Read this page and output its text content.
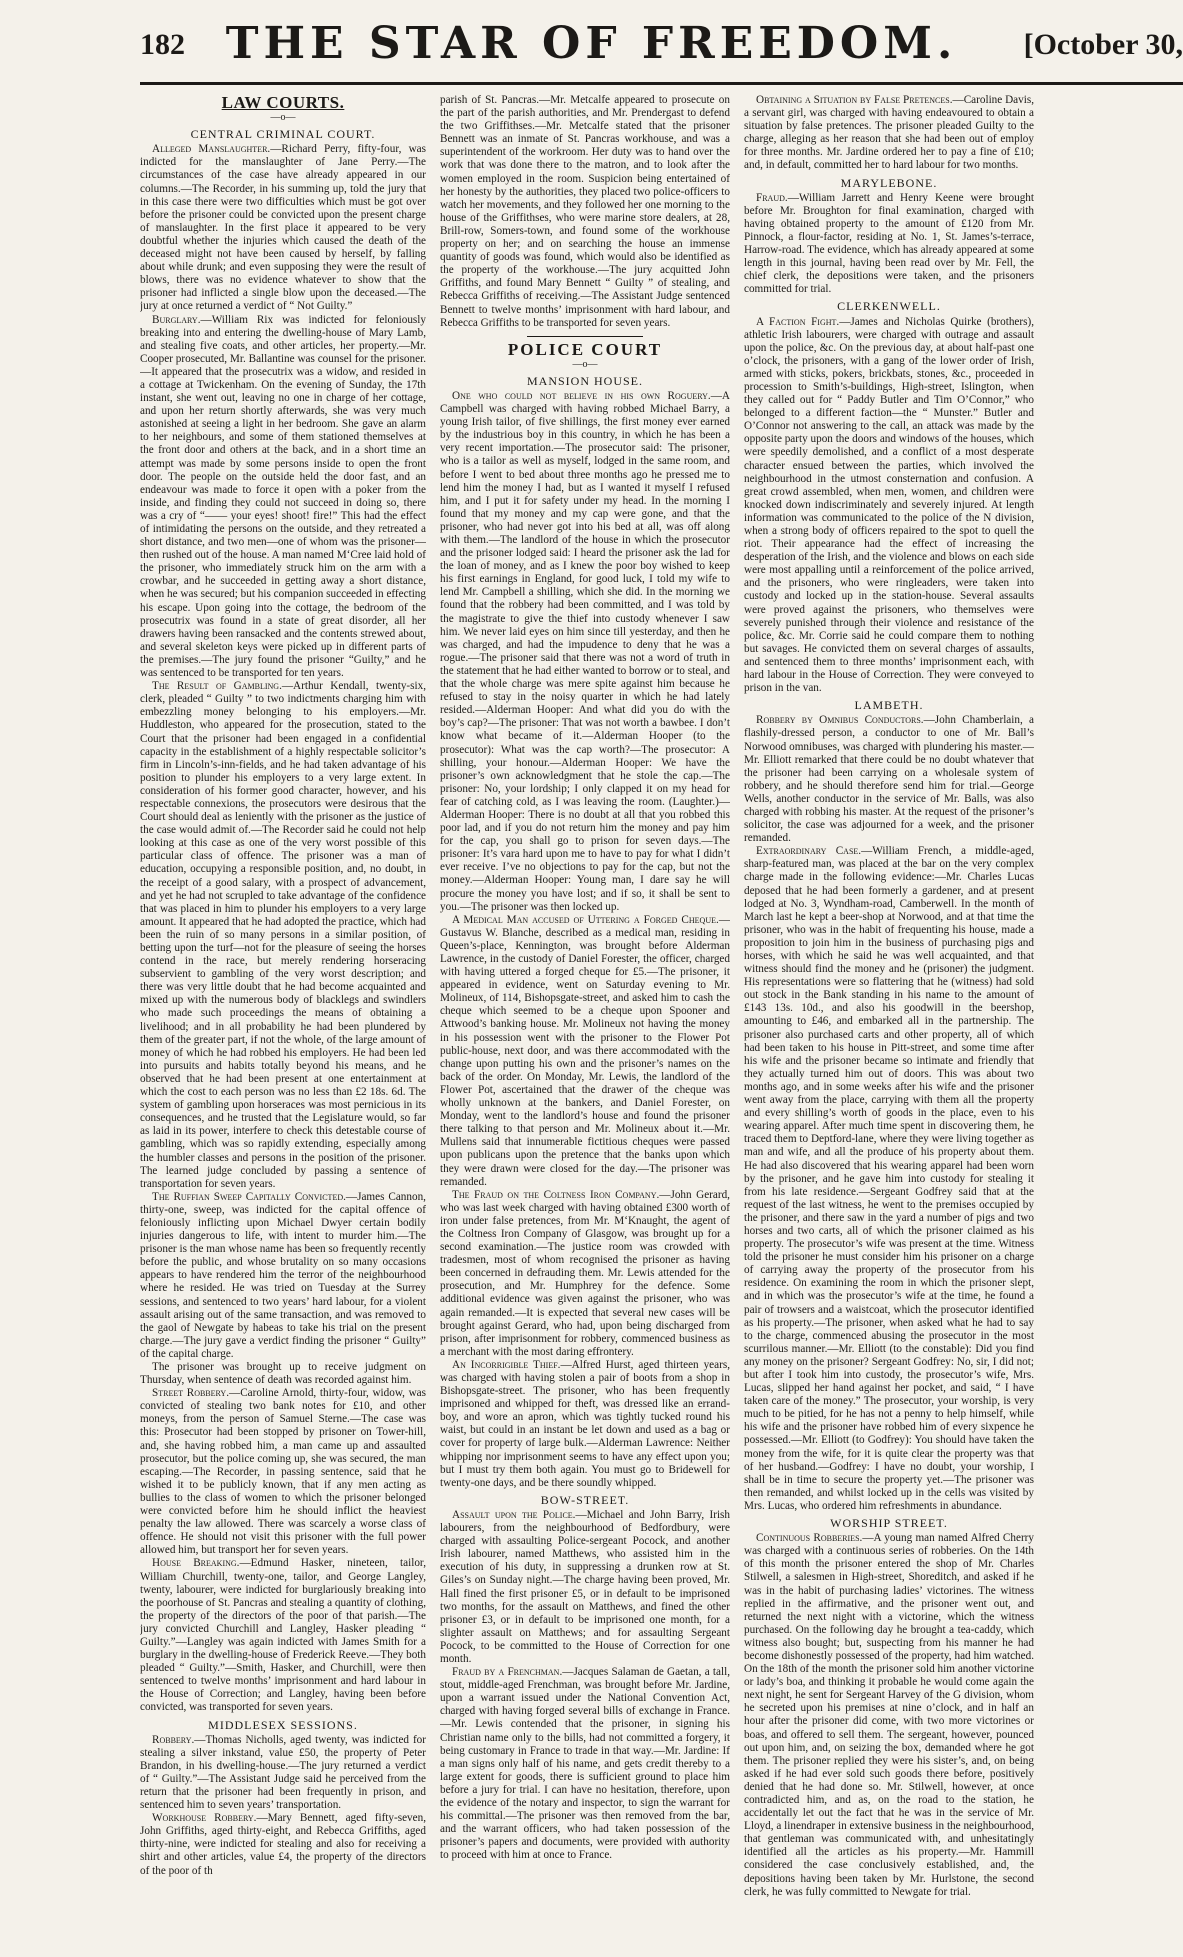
182 THE STAR OF FREEDOM.	[October 30,
LAW COURTS.
—o—
CENTRAL CRIMINAL COURT.

Alleged Manslaughter.—Richard Perry, fifty-four, was indicted for the manslaughter of Jane Perry.—The circumstances of the case have already appeared in our columns.—The Recorder, in his summing up, told the jury that in this case there were two difficulties which must be got over before the prisoner could be convicted upon the present charge of manslaughter. In the first place it appeared to be very doubtful whether the injuries which caused the death of the deceased might not have been caused by herself, by falling about while drunk; and even supposing they were the result of blows, there was no evidence whatever to show that the prisoner had inflicted a single blow upon the deceased.—The jury at once returned a verdict of “ Not Guilty.”

Burglary.—William Rix was indicted for feloniously breaking into and entering the dwelling-house of Mary Lamb, and stealing five coats, and other articles, her property.—Mr. Cooper prosecuted, Mr. Ballantine was counsel for the prisoner.—It appeared that the prosecutrix was a widow, and resided in a cottage at Twickenham. On the evening of Sunday, the 17th instant, she went out, leaving no one in charge of her cottage, and upon her return shortly afterwards, she was very much astonished at seeing a light in her bedroom. She gave an alarm to her neighbours, and some of them stationed themselves at the front door and others at the back, and in a short time an attempt was made by some persons inside to open the front door. The people on the outside held the door fast, and an endeavour was made to force it open with a poker from the inside, and finding they could not succeed in doing so, there was a cry of “—— your eyes! shoot! fire!” This had the effect of intimidating the persons on the outside, and they retreated a short distance, and two men—one of whom was the prisoner—then rushed out of the house. A man named M‘Cree laid hold of the prisoner, who immediately struck him on the arm with a crowbar, and he succeeded in getting away a short distance, when he was secured; but his companion succeeded in effecting his escape. Upon going into the cottage, the bedroom of the prosecutrix was found in a state of great disorder, all her drawers having been ransacked and the contents strewed about, and several skeleton keys were picked up in different parts of the premises.—The jury found the prisoner “Guilty,” and he was sentenced to be transported for ten years.

The Result of Gambling.—Arthur Kendall, twenty-six, clerk, pleaded “ Guilty ” to two indictments charging him with embezzling money belonging to his employers.—Mr. Huddleston, who appeared for the prosecution, stated to the Court that the prisoner had been engaged in a confidential capacity in the establishment of a highly respectable solicitor’s firm in Lincoln’s-inn-fields, and he had taken advantage of his position to plunder his employers to a very large extent. In consideration of his former good character, however, and his respectable connexions, the prosecutors were desirous that the Court should deal as leniently with the prisoner as the justice of the case would admit of.—The Recorder said he could not help looking at this case as one of the very worst possible of this particular class of offence. The prisoner was a man of education, occupying a responsible position, and, no doubt, in the receipt of a good salary, with a prospect of advancement, and yet he had not scrupled to take advantage of the confidence that was placed in him to plunder his employers to a very large amount. It appeared that he had adopted the practice, which had been the ruin of so many persons in a similar position, of betting upon the turf—not for the pleasure of seeing the horses contend in the race, but merely rendering horseracing subservient to gambling of the very worst description; and there was very little doubt that he had become acquainted and mixed up with the numerous body of blacklegs and swindlers who made such proceedings the means of obtaining a livelihood; and in all probability he had been plundered by them of the greater part, if not the whole, of the large amount of money of which he had robbed his employers. He had been led into pursuits and habits totally beyond his means, and he observed that he had been present at one entertainment at which the cost to each person was no less than £2 18s. 6d. The system of gambling upon horseraces was most pernicious in its consequences, and he trusted that the Legislature would, so far as laid in its power, interfere to check this detestable course of gambling, which was so rapidly extending, especially among the humbler classes and persons in the position of the prisoner. The learned judge concluded by passing a sentence of transportation for seven years.

The Ruffian Sweep Capitally Convicted.—James Cannon, thirty-one, sweep, was indicted for the capital offence of feloniously inflicting upon Michael Dwyer certain bodily injuries dangerous to life, with intent to murder him.—The prisoner is the man whose name has been so frequently recently before the public, and whose brutality on so many occasions appears to have rendered him the terror of the neighbourhood where he resided. He was tried on Tuesday at the Surrey sessions, and sentenced to two years’ hard labour, for a violent assault arising out of the same transaction, and was removed to the gaol of Newgate by habeas to take his trial on the present charge.—The jury gave a verdict finding the prisoner “ Guilty” of the capital charge.

The prisoner was brought up to receive judgment on Thursday, when sentence of death was recorded against him.

Street Robbery.—Caroline Arnold, thirty-four, widow, was convicted of stealing two bank notes for £10, and other moneys, from the person of Samuel Sterne.—The case was this: Prosecutor had been stopped by prisoner on Tower-hill, and, she having robbed him, a man came up and assaulted prosecutor, but the police coming up, she was secured, the man escaping.—The Recorder, in passing sentence, said that he wished it to be publicly known, that if any men acting as bullies to the class of women to which the prisoner belonged were convicted before him he should inflict the heaviest penalty the law allowed. There was scarcely a worse class of offence. He should not visit this prisoner with the full power allowed him, but transport her for seven years.

House Breaking.—Edmund Hasker, nineteen, tailor, William Churchill, twenty-one, tailor, and George Langley, twenty, labourer, were indicted for burglariously breaking into the poorhouse of St. Pancras and stealing a quantity of clothing, the property of the directors of the poor of that parish.—The jury convicted Churchill and Langley, Hasker pleading “ Guilty.”—Langley was again indicted with James Smith for a burglary in the dwelling-house of Frederick Reeve.—They both pleaded “ Guilty.”—Smith, Hasker, and Churchill, were then sentenced to twelve months’ imprisonment and hard labour in the House of Correction; and Langley, having been before convicted, was transported for seven years.

MIDDLESEX SESSIONS.

Robbery.—Thomas Nicholls, aged twenty, was indicted for stealing a silver inkstand, value £50, the property of Peter Brandon, in his dwelling-house.—The jury returned a verdict of “ Guilty.”—The Assistant Judge said he perceived from the return that the prisoner had been frequently in prison, and sentenced him to seven years’ transportation.

Workhouse Robbery.—Mary Bennett, aged fifty-seven, John Griffiths, aged thirty-eight, and Rebecca Griffiths, aged thirty-nine, were indicted for stealing and also for receiving a shirt and other articles, value £4, the property of the directors of the poor of th

parish of St. Pancras.—Mr. Metcalfe appeared to prosecute on the part of the parish authorities, and Mr. Prendergast to defend the two Griffithses.—Mr. Metcalfe stated that the prisoner Bennett was an inmate of St. Pancras workhouse, and was a superintendent of the workroom. Her duty was to hand over the work that was done there to the matron, and to look after the women employed in the room. Suspicion being entertained of her honesty by the authorities, they placed two police-officers to watch her movements, and they followed her one morning to the house of the Griffithses, who were marine store dealers, at 28, Brill-row, Somers-town, and found some of the workhouse property on her; and on searching the house an immense quantity of goods was found, which would also be identified as the property of the workhouse.—The jury acquitted John Griffiths, and found Mary Bennett “ Guilty ” of stealing, and Rebecca Griffiths of receiving.—The Assistant Judge sentenced Bennett to twelve months’ imprisonment with hard labour, and Rebecca Griffiths to be transported for seven years.

POLICE COURT
—o—
MANSION HOUSE.

One who could not believe in his own Roguery.—A Campbell was charged with having robbed Michael Barry, a young Irish tailor, of five shillings, the first money ever earned by the industrious boy in this country, in which he has been a very recent importation.—The prosecutor said: The prisoner, who is a tailor as well as myself, lodged in the same room, and before I went to bed about three months ago he pressed me to lend him the money I had, but as I wanted it myself I refused him, and I put it for safety under my head. In the morning I found that my money and my cap were gone, and that the prisoner, who had never got into his bed at all, was off along with them.—The landlord of the house in which the prosecutor and the prisoner lodged said: I heard the prisoner ask the lad for the loan of money, and as I knew the poor boy wished to keep his first earnings in England, for good luck, I told my wife to lend Mr. Campbell a shilling, which she did. In the morning we found that the robbery had been committed, and I was told by the magistrate to give the thief into custody whenever I saw him. We never laid eyes on him since till yesterday, and then he was charged, and had the impudence to deny that he was a rogue.—The prisoner said that there was not a word of truth in the statement that he had either wanted to borrow or to steal, and that the whole charge was mere spite against him because he refused to stay in the noisy quarter in which he had lately resided.—Alderman Hooper: And what did you do with the boy’s cap?—The prisoner: That was not worth a bawbee. I don’t know what became of it.—Alderman Hooper (to the prosecutor): What was the cap worth?—The prosecutor: A shilling, your honour.—Alderman Hooper: We have the prisoner’s own acknowledgment that he stole the cap.—The prisoner: No, your lordship; I only clapped it on my head for fear of catching cold, as I was leaving the room. (Laughter.)—Alderman Hooper: There is no doubt at all that you robbed this poor lad, and if you do not return him the money and pay him for the cap, you shall go to prison for seven days.—The prisoner: It’s vara hard upon me to have to pay for what I didn’t ever receive. I’ve no objections to pay for the cap, but not the money.—Alderman Hooper: Young man, I dare say he will procure the money you have lost; and if so, it shall be sent to you.—The prisoner was then locked up.

A Medical Man accused of Uttering a Forged Cheque.—Gustavus W. Blanche, described as a medical man, residing in Queen’s-place, Kennington, was brought before Alderman Lawrence, in the custody of Daniel Forester, the officer, charged with having uttered a forged cheque for £5.—The prisoner, it appeared in evidence, went on Saturday evening to Mr. Molineux, of 114, Bishopsgate-street, and asked him to cash the cheque which seemed to be a cheque upon Spooner and Attwood’s banking house. Mr. Molineux not having the money in his possession went with the prisoner to the Flower Pot public-house, next door, and was there accommodated with the change upon putting his own and the prisoner’s names on the back of the order. On Monday, Mr. Lewis, the landlord of the Flower Pot, ascertained that the drawer of the cheque was wholly unknown at the bankers, and Daniel Forester, on Monday, went to the landlord’s house and found the prisoner there talking to that person and Mr. Molineux about it.—Mr. Mullens said that innumerable fictitious cheques were passed upon publicans upon the pretence that the banks upon which they were drawn were closed for the day.—The prisoner was remanded.

The Fraud on the Coltness Iron Company.—John Gerard, who was last week charged with having obtained £300 worth of iron under false pretences, from Mr. M‘Knaught, the agent of the Coltness Iron Company of Glasgow, was brought up for a second examination.—The justice room was crowded with tradesmen, most of whom recognised the prisoner as having been concerned in defrauding them. Mr. Lewis attended for the prosecution, and Mr. Humphrey for the defence. Some additional evidence was given against the prisoner, who was again remanded.—It is expected that several new cases will be brought against Gerard, who had, upon being discharged from prison, after imprisonment for robbery, commenced business as a merchant with the most daring effrontery.

An Incorrigible Thief.—Alfred Hurst, aged thirteen years, was charged with having stolen a pair of boots from a shop in Bishopsgate-street. The prisoner, who has been frequently imprisoned and whipped for theft, was dressed like an errand-boy, and wore an apron, which was tightly tucked round his waist, but could in an instant be let down and used as a bag or cover for property of large bulk.—Alderman Lawrence: Neither whipping nor imprisonment seems to have any effect upon you; but I must try them both again. You must go to Bridewell for twenty-one days, and be there soundly whipped.

BOW-STREET.

Assault upon the Police.—Michael and John Barry, Irish labourers, from the neighbourhood of Bedfordbury, were charged with assaulting Police-sergeant Pocock, and another Irish labourer, named Matthews, who assisted him in the execution of his duty, in suppressing a drunken row at St. Giles’s on Sunday night.—The charge having been proved, Mr. Hall fined the first prisoner £5, or in default to be imprisoned two months, for the assault on Matthews, and fined the other prisoner £3, or in default to be imprisoned one month, for a slighter assault on Matthews; and for assaulting Sergeant Pocock, to be committed to the House of Correction for one month.

Fraud by a Frenchman.—Jacques Salaman de Gaetan, a tall, stout, middle-aged Frenchman, was brought before Mr. Jardine, upon a warrant issued under the National Convention Act, charged with having forged several bills of exchange in France.—Mr. Lewis contended that the prisoner, in signing his Christian name only to the bills, had not committed a forgery, it being customary in France to trade in that way.—Mr. Jardine: If a man signs only half of his name, and gets credit thereby to a large extent for goods, there is sufficient ground to place him before a jury for trial. I can have no hesitation, therefore, upon the evidence of the notary and inspector, to sign the warrant for his committal.—The prisoner was then removed from the bar, and the warrant officers, who had taken possession of the prisoner’s papers and documents, were provided with authority to proceed with him at once to France.

Obtaining a Situation by False Pretences.—Caroline Davis, a servant girl, was charged with having endeavoured to obtain a situation by false pretences. The prisoner pleaded Guilty to the charge, alleging as her reason that she had been out of employ for three months. Mr. Jardine ordered her to pay a fine of £10; and, in default, committed her to hard labour for two months.

MARYLEBONE.

Fraud.—William Jarrett and Henry Keene were brought before Mr. Broughton for final examination, charged with having obtained property to the amount of £120 from Mr. Pinnock, a flour-factor, residing at No. 1, St. James’s-terrace, Harrow-road. The evidence, which has already appeared at some length in this journal, having been read over by Mr. Fell, the chief clerk, the depositions were taken, and the prisoners committed for trial.

CLERKENWELL.

A Faction Fight.—James and Nicholas Quirke (brothers), athletic Irish labourers, were charged with outrage and assault upon the police, &c. On the previous day, at about half-past one o’clock, the prisoners, with a gang of the lower order of Irish, armed with sticks, pokers, brickbats, stones, &c., proceeded in procession to Smith’s-buildings, High-street, Islington, when they called out for “ Paddy Butler and Tim O’Connor,” who belonged to a different faction—the “ Munster.” Butler and O’Connor not answering to the call, an attack was made by the opposite party upon the doors and windows of the houses, which were speedily demolished, and a conflict of a most desperate character ensued between the parties, which involved the neighbourhood in the utmost consternation and confusion. A great crowd assembled, when men, women, and children were knocked down indiscriminately and severely injured. At length information was communicated to the police of the N division, when a strong body of officers repaired to the spot to quell the riot. Their appearance had the effect of increasing the desperation of the Irish, and the violence and blows on each side were most appalling until a reinforcement of the police arrived, and the prisoners, who were ringleaders, were taken into custody and locked up in the station-house. Several assaults were proved against the prisoners, who themselves were severely punished through their violence and resistance of the police, &c. Mr. Corrie said he could compare them to nothing but savages. He convicted them on several charges of assaults, and sentenced them to three months’ imprisonment each, with hard labour in the House of Correction. They were conveyed to prison in the van.

LAMBETH.

Robbery by Omnibus Conductors.—John Chamberlain, a flashily-dressed person, a conductor to one of Mr. Ball’s Norwood omnibuses, was charged with plundering his master.—Mr. Elliott remarked that there could be no doubt whatever that the prisoner had been carrying on a wholesale system of robbery, and he should therefore send him for trial.—George Wells, another conductor in the service of Mr. Balls, was also charged with robbing his master. At the request of the prisoner’s solicitor, the case was adjourned for a week, and the prisoner remanded.

Extraordinary Case.—William French, a middle-aged, sharp-featured man, was placed at the bar on the very complex charge made in the following evidence:—Mr. Charles Lucas deposed that he had been formerly a gardener, and at present lodged at No. 3, Wyndham-road, Camberwell. In the month of March last he kept a beer-shop at Norwood, and at that time the prisoner, who was in the habit of frequenting his house, made a proposition to join him in the business of purchasing pigs and horses, with which he said he was well acquainted, and that witness should find the money and he (prisoner) the judgment. His representations were so flattering that he (witness) had sold out stock in the Bank standing in his name to the amount of £143 13s. 10d., and also his goodwill in the beershop, amounting to £46, and embarked all in the partnership. The prisoner also purchased carts and other property, all of which had been taken to his house in Pitt-street, and some time after his wife and the prisoner became so intimate and friendly that they actually turned him out of doors. This was about two months ago, and in some weeks after his wife and the prisoner went away from the place, carrying with them all the property and every shilling’s worth of goods in the place, even to his wearing apparel. After much time spent in discovering them, he traced them to Deptford-lane, where they were living together as man and wife, and all the produce of his property about them. He had also discovered that his wearing apparel had been worn by the prisoner, and he gave him into custody for stealing it from his late residence.—Sergeant Godfrey said that at the request of the last witness, he went to the premises occupied by the prisoner, and there saw in the yard a number of pigs and two horses and two carts, all of which the prisoner claimed as his property. The prosecutor’s wife was present at the time. Witness told the prisoner he must consider him his prisoner on a charge of carrying away the property of the prosecutor from his residence. On examining the room in which the prisoner slept, and in which was the prosecutor’s wife at the time, he found a pair of trowsers and a waistcoat, which the prosecutor identified as his property.—The prisoner, when asked what he had to say to the charge, commenced abusing the prosecutor in the most scurrilous manner.—Mr. Elliott (to the constable): Did you find any money on the prisoner? Sergeant Godfrey: No, sir, I did not; but after I took him into custody, the prosecutor’s wife, Mrs. Lucas, slipped her hand against her pocket, and said, “ I have taken care of the money.” The prosecutor, your worship, is very much to be pitied, for he has not a penny to help himself, while his wife and the prisoner have robbed him of every sixpence he possessed.—Mr. Elliott (to Godfrey): You should have taken the money from the wife, for it is quite clear the property was that of her husband.—Godfrey: I have no doubt, your worship, I shall be in time to secure the property yet.—The prisoner was then remanded, and whilst locked up in the cells was visited by Mrs. Lucas, who ordered him refreshments in abundance.

WORSHIP STREET.

Continuous Robberies.—A young man named Alfred Cherry was charged with a continuous series of robberies. On the 14th of this month the prisoner entered the shop of Mr. Charles Stilwell, a salesmen in High-street, Shoreditch, and asked if he was in the habit of purchasing ladies’ victorines. The witness replied in the affirmative, and the prisoner went out, and returned the next night with a victorine, which the witness purchased. On the following day he brought a tea-caddy, which witness also bought; but, suspecting from his manner he had become dishonestly possessed of the property, had him watched. On the 18th of the month the prisoner sold him another victorine or lady’s boa, and thinking it probable he would come again the next night, he sent for Sergeant Harvey of the G division, whom he secreted upon his premises at nine o’clock, and in half an hour after the prisoner did come, with two more victorines or boas, and offered to sell them. The sergeant, however, pounced out upon him, and, on seizing the box, demanded where he got them. The prisoner replied they were his sister’s, and, on being asked if he had ever sold such goods there before, positively denied that he had done so. Mr. Stilwell, however, at once contradicted him, and as, on the road to the station, he accidentally let out the fact that he was in the service of Mr. Lloyd, a linendraper in extensive business in the neighbourhood, that gentleman was communicated with, and unhesitatingly identified all the articles as his property.—Mr. Hammill considered the case conclusively established, and, the depositions having been taken by Mr. Hurlstone, the second clerk, he was fully committed to Newgate for trial.
